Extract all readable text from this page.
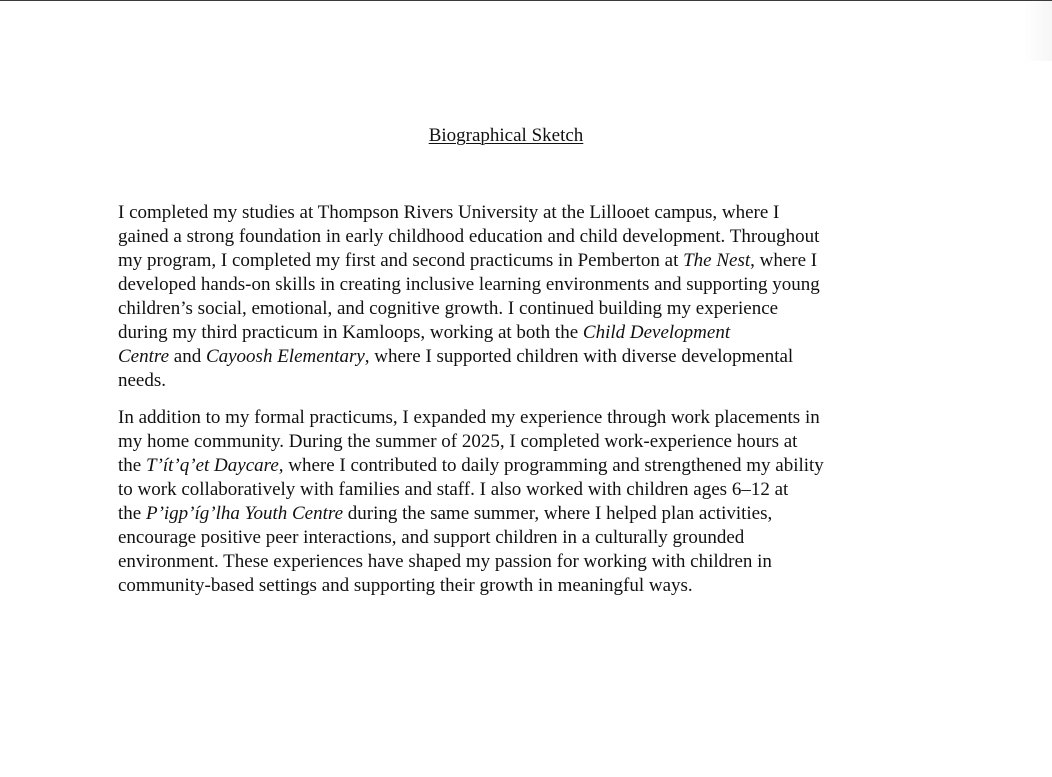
Biographical Sketch

I completed my studies at Thompson Rivers University at the Lillooet campus, where I
gained a strong foundation in early childhood education and child development. Throughout
my program, I completed my first and second practicums in Pemberton at The Nest, where I
developed hands-on skills in creating inclusive learning environments and supporting young
children’s social, emotional, and cognitive growth. I continued building my experience
during my third practicum in Kamloops, working at both the Child Development
Centre and Cayoosh Elementary, where I supported children with diverse developmental
needs.

In addition to my formal practicums, I expanded my experience through work placements in
my home community. During the summer of 2025, I completed work-experience hours at
the T’ít’q’et Daycare, where I contributed to daily programming and strengthened my ability
to work collaboratively with families and staff. I also worked with children ages 6–12 at
the P’igp’íg’lha Youth Centre during the same summer, where I helped plan activities,
encourage positive peer interactions, and support children in a culturally grounded
environment. These experiences have shaped my passion for working with children in
community-based settings and supporting their growth in meaningful ways.
